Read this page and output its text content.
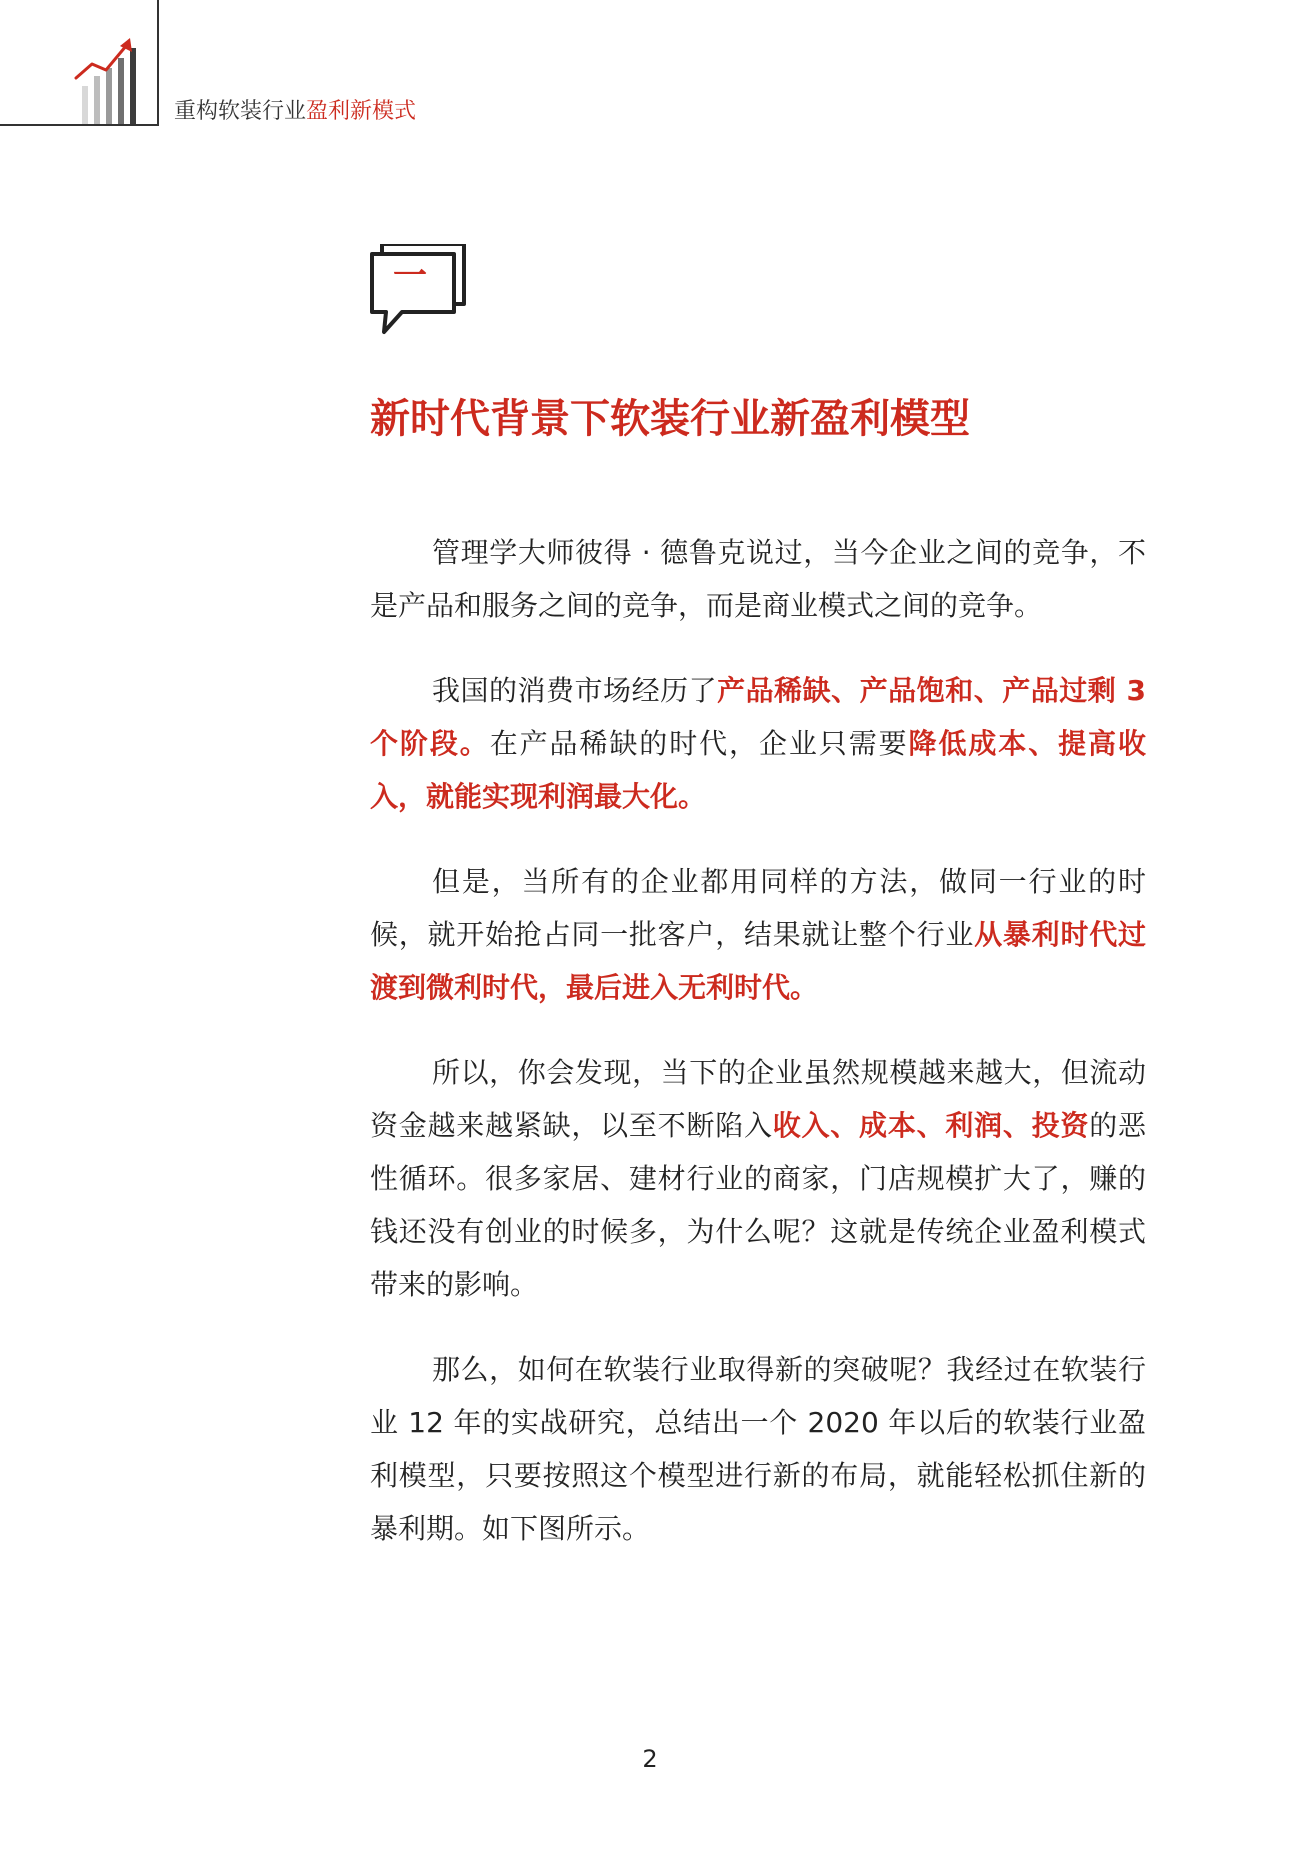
重构软装行业盈利新模式
一
新时代背景下软装行业新盈利模型

管理学大师彼得 · 德鲁克说过，当今企业之间的竞争，不是产品和服务之间的竞争，而是商业模式之间的竞争。

我国的消费市场经历了产品稀缺、产品饱和、产品过剩 3 个阶段。在产品稀缺的时代，企业只需要降低成本、提高收入，就能实现利润最大化。

但是，当所有的企业都用同样的方法，做同一行业的时候，就开始抢占同一批客户，结果就让整个行业从暴利时代过渡到微利时代，最后进入无利时代。

所以，你会发现，当下的企业虽然规模越来越大，但流动资金越来越紧缺，以至不断陷入收入、成本、利润、投资的恶性循环。很多家居、建材行业的商家，门店规模扩大了，赚的钱还没有创业的时候多，为什么呢？这就是传统企业盈利模式带来的影响。

那么，如何在软装行业取得新的突破呢？我经过在软装行业 12 年的实战研究，总结出一个 2020 年以后的软装行业盈利模型，只要按照这个模型进行新的布局，就能轻松抓住新的暴利期。如下图所示。

2
